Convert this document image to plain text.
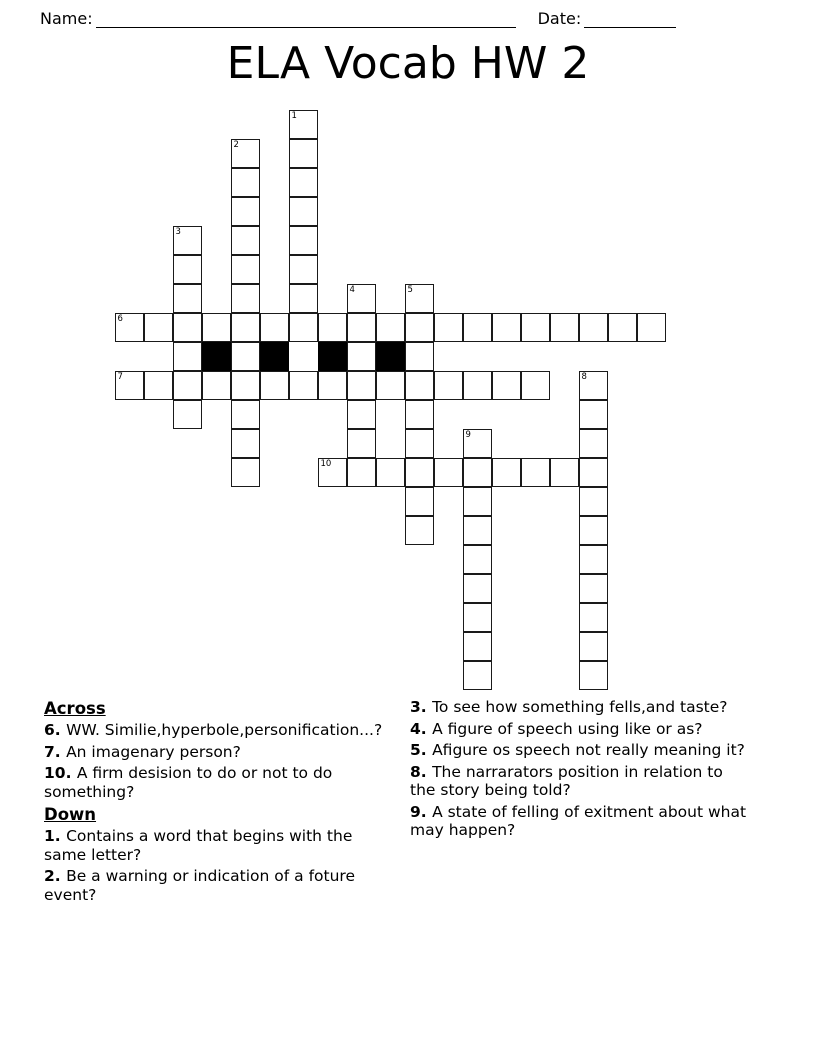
Name:	Date:
ELA Vocab HW 2
1
2
3
4	5
6
7	8
9
10
Across
6. WW. Similie,hyperbole,personification...?
7. An imagenary person?
10. A firm desision to do or not to do something?
Down
1. Contains a word that begins with the same letter?
2. Be a warning or indication of a foture event?
3. To see how something fells,and taste?
4. A figure of speech using like or as?
5. Afigure os speech not really meaning it?
8. The narrarators position in relation to the story being told?
9. A state of felling of exitment about what may happen?
